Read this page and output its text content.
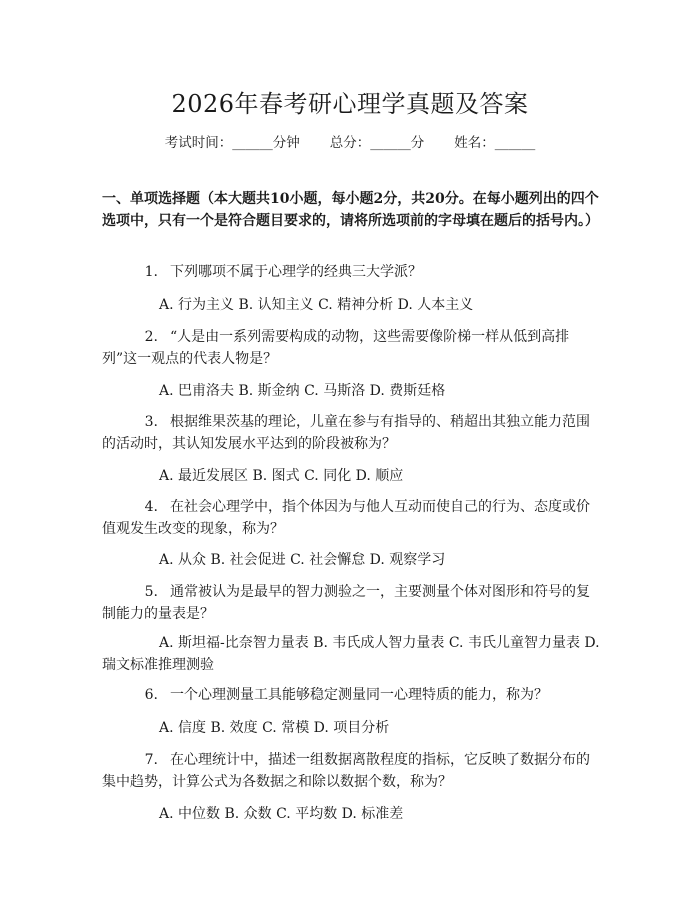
2026年春考研心理学真题及答案
考试时间：______分钟 总分：______分 姓名：______
一、单项选择题（本大题共10小题，每小题2分，共20分。在每小题列出的四个选项中，只有一个是符合题目要求的，请将所选项前的字母填在题后的括号内。）
1. 下列哪项不属于心理学的经典三大学派？
A. 行为主义 B. 认知主义 C. 精神分析 D. 人本主义
2. “人是由一系列需要构成的动物，这些需要像阶梯一样从低到高排列”这一观点的代表人物是？
A. 巴甫洛夫 B. 斯金纳 C. 马斯洛 D. 费斯廷格
3. 根据维果茨基的理论，儿童在参与有指导的、稍超出其独立能力范围的活动时，其认知发展水平达到的阶段被称为？
A. 最近发展区 B. 图式 C. 同化 D. 顺应
4. 在社会心理学中，指个体因为与他人互动而使自己的行为、态度或价值观发生改变的现象，称为？
A. 从众 B. 社会促进 C. 社会懈怠 D. 观察学习
5. 通常被认为是最早的智力测验之一，主要测量个体对图形和符号的复制能力的量表是？
A. 斯坦福-比奈智力量表 B. 韦氏成人智力量表 C. 韦氏儿童智力量表 D. 瑞文标准推理测验
6. 一个心理测量工具能够稳定测量同一心理特质的能力，称为？
A. 信度 B. 效度 C. 常模 D. 项目分析
7. 在心理统计中，描述一组数据离散程度的指标，它反映了数据分布的集中趋势，计算公式为各数据之和除以数据个数，称为？
A. 中位数 B. 众数 C. 平均数 D. 标准差
